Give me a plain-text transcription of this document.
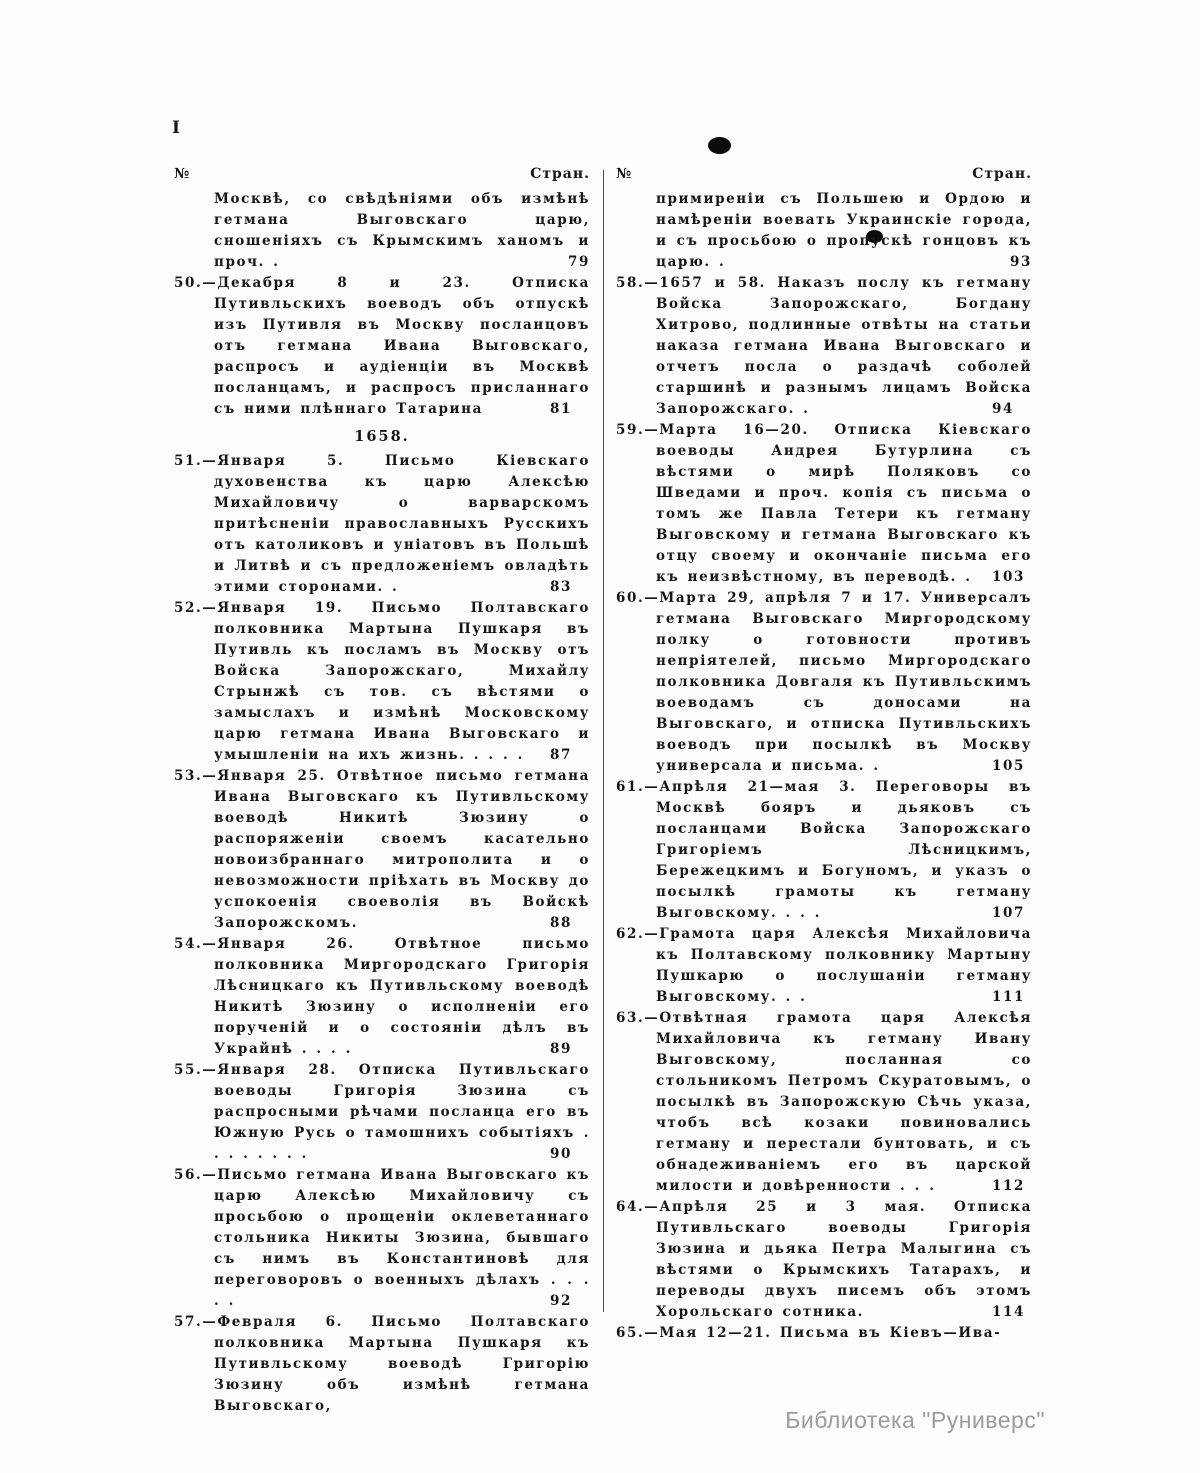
I
№	Стран.
Москвѣ, со свѣдѣніями объ измѣнѣ гетмана Выговскаго царю, сношеніяхъ съ Крымскимъ ханомъ и проч. .	79
50.—Декабря 8 и 23. Отписка Путивльскихъ воеводъ объ отпускѣ изъ Путивля въ Москву посланцовъ отъ гетмана Ивана Выговскаго, распросъ и аудіенціи въ Москвѣ посланцамъ, и распросъ присланнаго съ ними плѣннаго Татарина	81
1658.
51.—Января 5. Письмо Кіевскаго духовенства къ царю Алексѣю Михайловичу о варварскомъ притѣсненіи православныхъ Русскихъ отъ католиковъ и уніатовъ въ Польшѣ и Литвѣ и съ предложеніемъ овладѣть этими сторонами. .	83
52.—Января 19. Письмо Полтавскаго полковника Мартына Пушкаря въ Путивль къ посламъ въ Москву отъ Войска Запорожскаго, Михайлу Стрынжѣ съ тов. съ вѣстями о замыслахъ и измѣнѣ Московскому царю гетмана Ивана Выговскаго и умышленіи на ихъ жизнь. . . . . 87
53.—Января 25. Отвѣтное письмо гетмана Ивана Выговскаго къ Путивльскому воеводѣ Никитѣ Зюзину о распоряженіи своемъ касательно новоизбраннаго митрополита и о невозможности пріѣхать въ Москву до успокоенія своеволія въ Войскѣ Запорожскомъ.	88
54.—Января 26. Отвѣтное письмо полковника Миргородскаго Григорія Лѣсницкаго къ Путивльскому воеводѣ Никитѣ Зюзину о исполненіи его порученій и о состояніи дѣлъ въ Украйнѣ . . . .	89
55.—Января 28. Отписка Путивльскаго воеводы Григорія Зюзина съ распросными рѣчами посланца его въ Южную Русь о тамошнихъ событіяхъ . . . . . . . .	90
56.—Письмо гетмана Ивана Выговскаго къ царю Алексѣю Михайловичу съ просьбою о прощеніи оклеветаннаго стольника Никиты Зюзина, бывшаго съ нимъ въ Константиновѣ для переговоровъ о военныхъ дѣлахъ . . . . .	92
57.—Февраля 6. Письмо Полтавскаго полковника Мартына Пушкаря къ Путивльскому воеводѣ Григорію Зюзину объ измѣнѣ гетмана Выговскаго,
№	Стран.
примиреніи съ Польшею и Ордою и намѣреніи воевать Украинскіе города, и съ просьбою о пропускѣ гонцовъ къ царю. .	93
58.—1657 и 58. Наказъ послу къ гетману Войска Запорожскаго, Богдану Хитрово, подлинные отвѣты на статьи наказа гетмана Ивана Выговскаго и отчетъ посла о раздачѣ соболей старшинѣ и разнымъ лицамъ Войска Запорожскаго. .	94
59.—Марта 16—20. Отписка Кіевскаго воеводы Андрея Бутурлина съ вѣстями о мирѣ Поляковъ со Шведами и проч. копія съ письма о томъ же Павла Тетери къ гетману Выговскому и гетмана Выговскаго къ отцу своему и окончаніе письма его къ неизвѣстному, въ переводѣ. . 103
60.—Марта 29, апрѣля 7 и 17. Универсалъ гетмана Выговскаго Миргородскому полку о готовности противъ непріятелей, письмо Миргородскаго полковника Довгаля къ Путивльскимъ воеводамъ съ доносами на Выговскаго, и отписка Путивльскихъ воеводъ при посылкѣ въ Москву универсала и письма. .	105
61.—Апрѣля 21—мая 3. Переговоры въ Москвѣ бояръ и дьяковъ съ посланцами Войска Запорожскаго Григоріемъ Лѣсницкимъ, Бережецкимъ и Богуномъ, и указъ о посылкѣ грамоты къ гетману Выговскому. . . .	107
62.—Грамота царя Алексѣя Михайловича къ Полтавскому полковнику Мартыну Пушкарю о послушаніи гетману Выговскому. . .	111
63.—Отвѣтная грамота царя Алексѣя Михайловича къ гетману Ивану Выговскому, посланная со стольникомъ Петромъ Скуратовымъ, о посылкѣ въ Запорожскую Сѣчь указа, чтобъ всѣ козаки повиновались гетману и перестали бунтовать, и съ обнадеживаніемъ его въ царской милости и довѣренности . . .	112
64.—Апрѣля 25 и 3 мая. Отписка Путивльскаго воеводы Григорія Зюзина и дьяка Петра Малыгина съ вѣстями о Крымскихъ Татарахъ, и переводы двухъ писемъ объ этомъ Хорольскаго сотника.	114
65.—Мая 12—21. Письма въ Кіевъ—Ива-
Библиотека "Руниверс"
